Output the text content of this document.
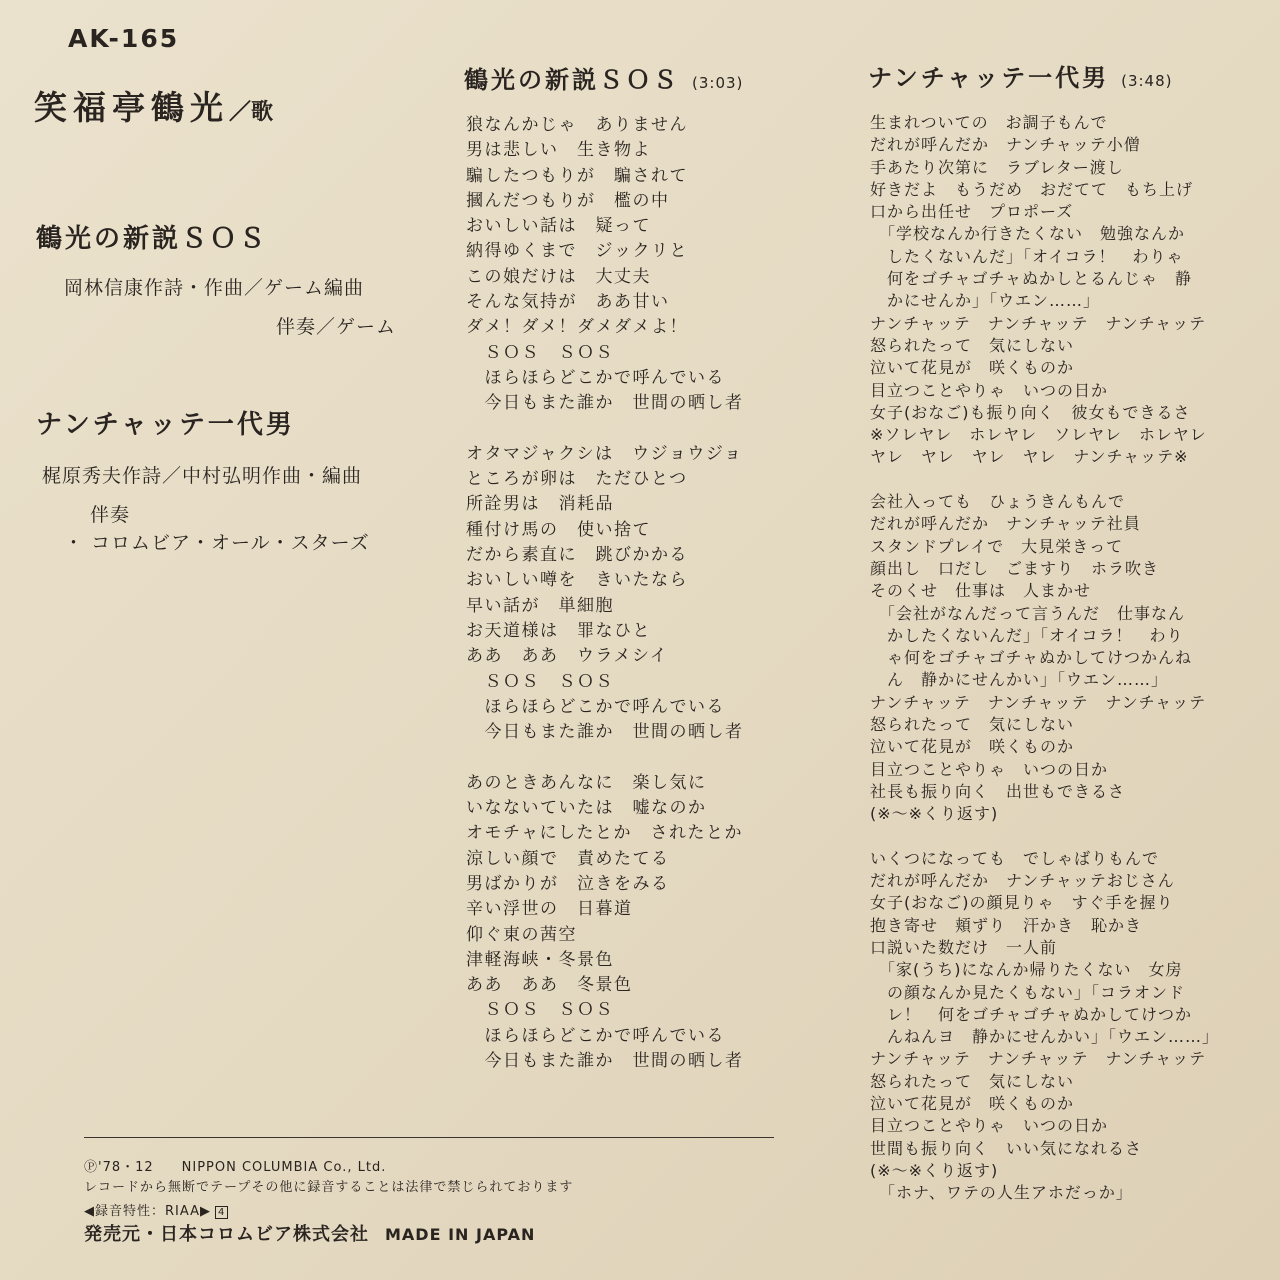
AK-165
笑福亭鶴光／歌
鶴光の新説ＳＯＳ
岡林信康作詩・作曲／ゲーム編曲
伴奏／ゲーム
ナンチャッテ一代男
梶原秀夫作詩／中村弘明作曲・編曲
伴奏
・ コロムビア・オール・スターズ
鶴光の新説ＳＯＳ (3:03)
狼なんかじゃ　ありません
男は悲しい　生き物よ
騙したつもりが　騙されて
摑んだつもりが　檻の中
おいしい話は　疑って
納得ゆくまで　ジックリと
この娘だけは　大丈夫
そんな気持が　ああ甘い
ダメ！ダメ！ダメダメよ！
　ＳＯＳ　ＳＯＳ
　ほらほらどこかで呼んでいる
　今日もまた誰か　世間の晒し者
オタマジャクシは　ウジョウジョ
ところが卵は　ただひとつ
所詮男は　消耗品
種付け馬の　使い捨て
だから素直に　跳びかかる
おいしい噂を　きいたなら
早い話が　単細胞
お天道様は　罪なひと
ああ　ああ　ウラメシイ
　ＳＯＳ　ＳＯＳ
　ほらほらどこかで呼んでいる
　今日もまた誰か　世間の晒し者
あのときあんなに　楽し気に
いなないていたは　嘘なのか
オモチャにしたとか　されたとか
涼しい顔で　責めたてる
男ばかりが　泣きをみる
辛い浮世の　日暮道
仰ぐ東の茜空
津軽海峡・冬景色
ああ　ああ　冬景色
　ＳＯＳ　ＳＯＳ
　ほらほらどこかで呼んでいる
　今日もまた誰か　世間の晒し者
ナンチャッテ一代男 (3:48)
生まれついての　お調子もんで
だれが呼んだか　ナンチャッテ小僧
手あたり次第に　ラブレター渡し
好きだよ　もうだめ　おだてて　もち上げ
口から出任せ　プロポーズ
　「学校なんか行きたくない　勉強なんか
　したくないんだ」「オイコラ！　わりゃ
　何をゴチャゴチャぬかしとるんじゃ　静
　かにせんか」「ウエン……」
ナンチャッテ　ナンチャッテ　ナンチャッテ
怒られたって　気にしない
泣いて花見が　咲くものか
目立つことやりゃ　いつの日か
女子(おなご)も振り向く　彼女もできるさ
※ソレヤレ　ホレヤレ　ソレヤレ　ホレヤレ
ヤレ　ヤレ　ヤレ　ヤレ　ナンチャッテ※
会社入っても　ひょうきんもんで
だれが呼んだか　ナンチャッテ社員
スタンドプレイで　大見栄きって
顔出し　口だし　ごますり　ホラ吹き
そのくせ　仕事は　人まかせ
　「会社がなんだって言うんだ　仕事なん
　かしたくないんだ」「オイコラ！　わり
　ゃ何をゴチャゴチャぬかしてけつかんね
　ん　静かにせんかい」「ウエン……」
ナンチャッテ　ナンチャッテ　ナンチャッテ
怒られたって　気にしない
泣いて花見が　咲くものか
目立つことやりゃ　いつの日か
社長も振り向く　出世もできるさ
(※～※くり返す)
いくつになっても　でしゃばりもんで
だれが呼んだか　ナンチャッテおじさん
女子(おなご)の顔見りゃ　すぐ手を握り
抱き寄せ　頬ずり　汗かき　恥かき
口説いた数だけ　一人前
　「家(うち)になんか帰りたくない　女房
　の顔なんか見たくもない」「コラオンド
　レ！　何をゴチャゴチャぬかしてけつか
　んねんヨ　静かにせんかい」「ウエン……」
ナンチャッテ　ナンチャッテ　ナンチャッテ
怒られたって　気にしない
泣いて花見が　咲くものか
目立つことやりゃ　いつの日か
世間も振り向く　いい気になれるさ
(※～※くり返す)
　「ホナ、ワテの人生アホだっか」
Ⓟ'78・12　　NIPPON COLUMBIA Co., Ltd.
レコードから無断でテープその他に録音することは法律で禁じられております
◀録音特性：RIAA▶ 4
発売元・日本コロムビア株式会社 MADE IN JAPAN
